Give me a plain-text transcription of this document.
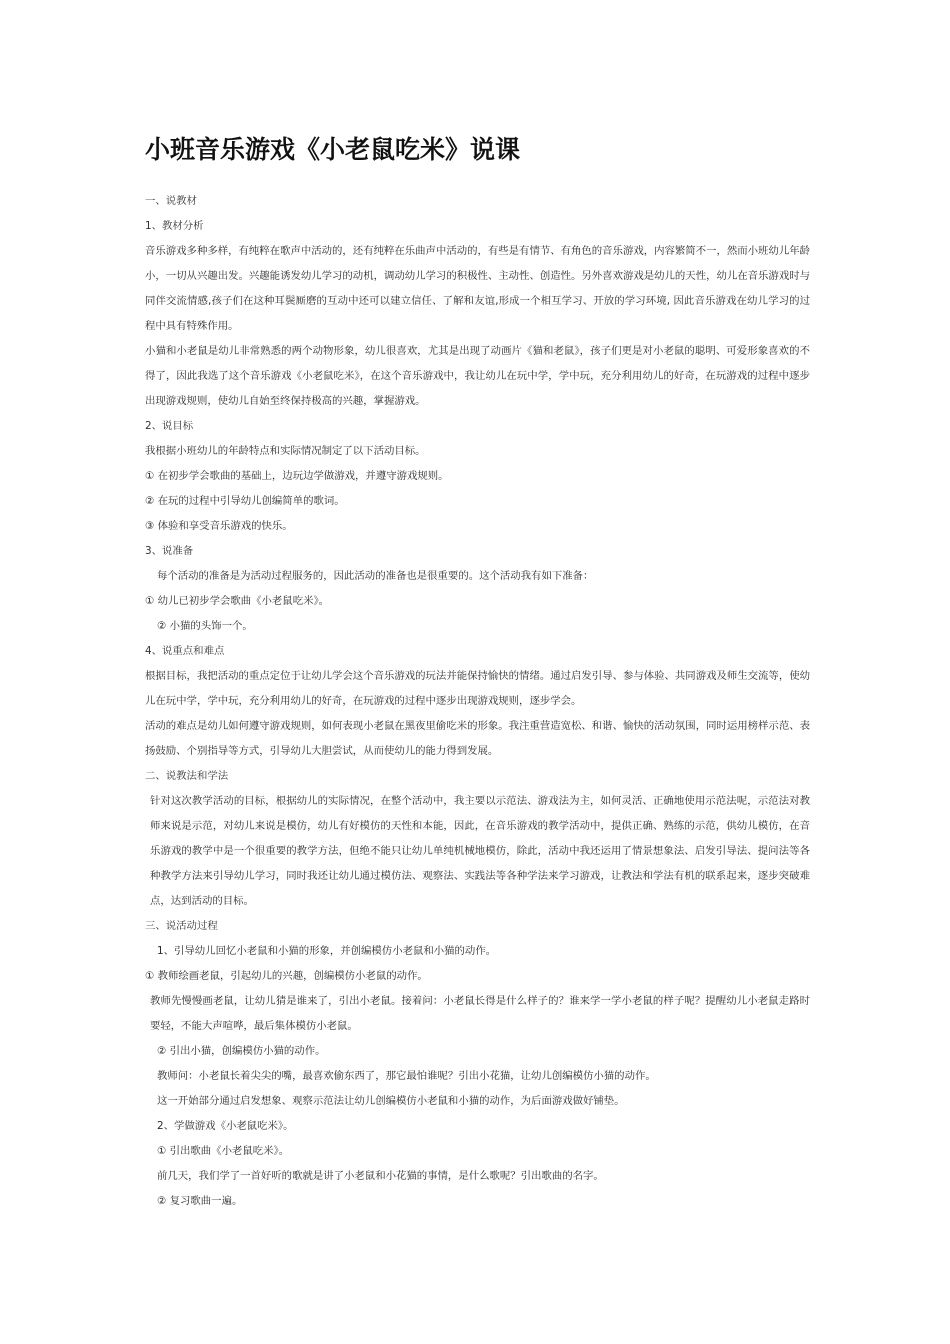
小班音乐游戏《小老鼠吃米》说课

一、说教材

1、教材分析

音乐游戏多种多样，有纯粹在歌声中活动的，还有纯粹在乐曲声中活动的，有些是有情节、有角色的音乐游戏，内容繁简不一，然而小班幼儿年龄小，一切从兴趣出发。兴趣能诱发幼儿学习的动机，调动幼儿学习的积极性、主动性、创造性。另外喜欢游戏是幼儿的天性，幼儿在音乐游戏时与同伴交流情感,孩子们在这种耳鬓厮磨的互动中还可以建立信任、了解和友谊,形成一个相互学习、开放的学习环境, 因此音乐游戏在幼儿学习的过程中具有特殊作用。

小猫和小老鼠是幼儿非常熟悉的两个动物形象，幼儿很喜欢，尤其是出现了动画片《猫和老鼠》，孩子们更是对小老鼠的聪明、可爱形象喜欢的不得了，因此我选了这个音乐游戏《小老鼠吃米》，在这个音乐游戏中，我让幼儿在玩中学，学中玩，充分利用幼儿的好奇，在玩游戏的过程中逐步出现游戏规则，使幼儿自始至终保持极高的兴趣，掌握游戏。

2、说目标

我根据小班幼儿的年龄特点和实际情况制定了以下活动目标。

① 在初步学会歌曲的基础上，边玩边学做游戏，并遵守游戏规则。

② 在玩的过程中引导幼儿创编简单的歌词。

③ 体验和享受音乐游戏的快乐。

3、说准备

每个活动的准备是为活动过程服务的，因此活动的准备也是很重要的。这个活动我有如下准备：

① 幼儿已初步学会歌曲《小老鼠吃米》。

② 小猫的头饰一个。

4、说重点和难点

根据目标，我把活动的重点定位于让幼儿学会这个音乐游戏的玩法并能保持愉快的情绪。通过启发引导、参与体验、共同游戏及师生交流等，使幼儿在玩中学，学中玩，充分利用幼儿的好奇，在玩游戏的过程中逐步出现游戏规则，逐步学会。

活动的难点是幼儿如何遵守游戏规则，如何表现小老鼠在黑夜里偷吃米的形象。我注重营造宽松、和谐、愉快的活动氛围，同时运用榜样示范、表扬鼓励、个别指导等方式，引导幼儿大胆尝试，从而使幼儿的能力得到发展。

二、说教法和学法

针对这次教学活动的目标，根据幼儿的实际情况，在整个活动中，我主要以示范法、游戏法为主，如何灵活、正确地使用示范法呢，示范法对教师来说是示范，对幼儿来说是模仿，幼儿有好模仿的天性和本能，因此，在音乐游戏的教学活动中，提供正确、熟练的示范，供幼儿模仿，在音乐游戏的教学中是一个很重要的教学方法，但绝不能只让幼儿单纯机械地模仿，除此，活动中我还运用了情景想象法、启发引导法、提问法等各种教学方法来引导幼儿学习，同时我还让幼儿通过模仿法、观察法、实践法等各种学法来学习游戏，让教法和学法有机的联系起来，逐步突破难点，达到活动的目标。

三、说活动过程

1、引导幼儿回忆小老鼠和小猫的形象，并创编模仿小老鼠和小猫的动作。

① 教师绘画老鼠，引起幼儿的兴趣，创编模仿小老鼠的动作。

教师先慢慢画老鼠，让幼儿猜是谁来了，引出小老鼠。接着问：小老鼠长得是什么样子的？谁来学一学小老鼠的样子呢？提醒幼儿小老鼠走路时要轻，不能大声喧哗，最后集体模仿小老鼠。

② 引出小猫，创编模仿小猫的动作。

教师问：小老鼠长着尖尖的嘴，最喜欢偷东西了，那它最怕谁呢？引出小花猫，让幼儿创编模仿小猫的动作。

这一开始部分通过启发想象、观察示范法让幼儿创编模仿小老鼠和小猫的动作，为后面游戏做好铺垫。

2、学做游戏《小老鼠吃米》。

① 引出歌曲《小老鼠吃米》。

前几天，我们学了一首好听的歌就是讲了小老鼠和小花猫的事情，是什么歌呢？引出歌曲的名字。

② 复习歌曲一遍。
